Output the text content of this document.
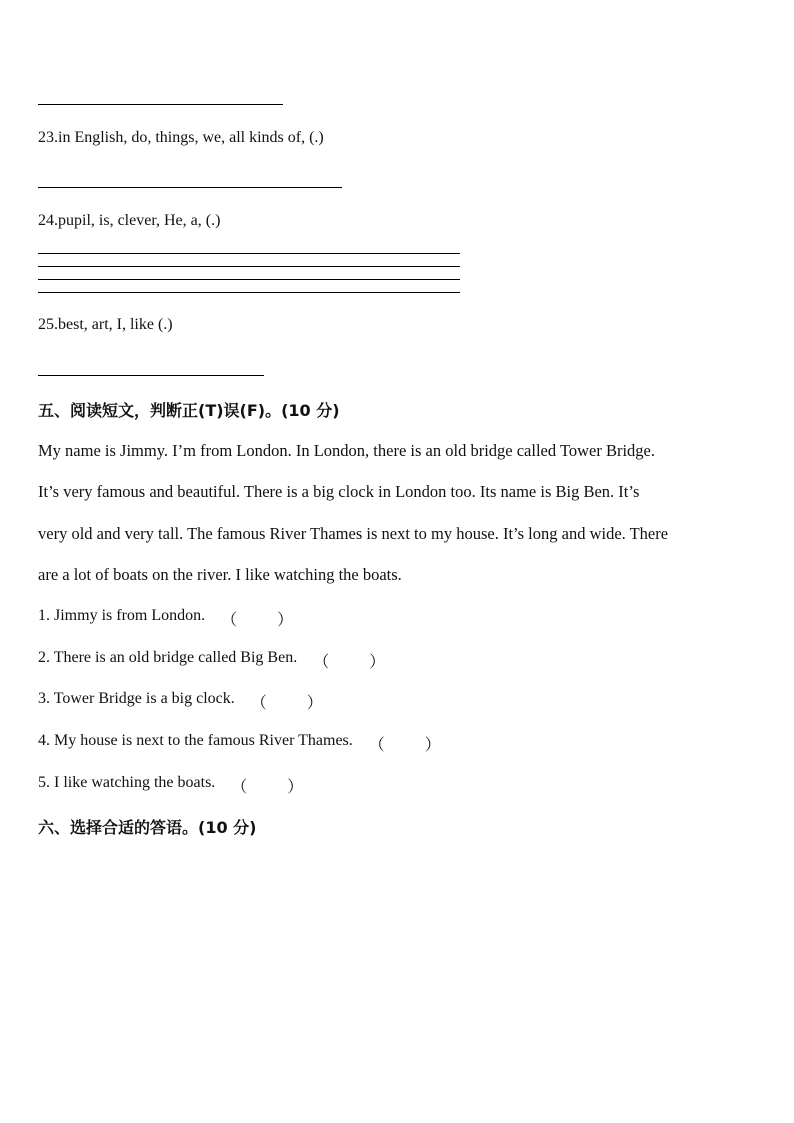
23.in English, do, things, we, all kinds of, (.)
24.pupil, is, clever, He, a, (.)
25.best, art, I, like (.)
五、阅读短文，判断正(T)误(F)。(10 分)
My name is Jimmy. I’m from London. In London, there is an old bridge called Tower Bridge.
It’s very famous and beautiful. There is a big clock in London too. Its name is Big Ben. It’s
very old and very tall. The famous River Thames is next to my house. It’s long and wide. There
are a lot of boats on the river. I like watching the boats.
1. Jimmy is from London. （ ）

2. There is an old bridge called Big Ben. （ ）

3. Tower Bridge is a big clock. （ ）

4. My house is next to the famous River Thames. （ ）

5. I like watching the boats. （ ）

六、选择合适的答语。(10 分)
